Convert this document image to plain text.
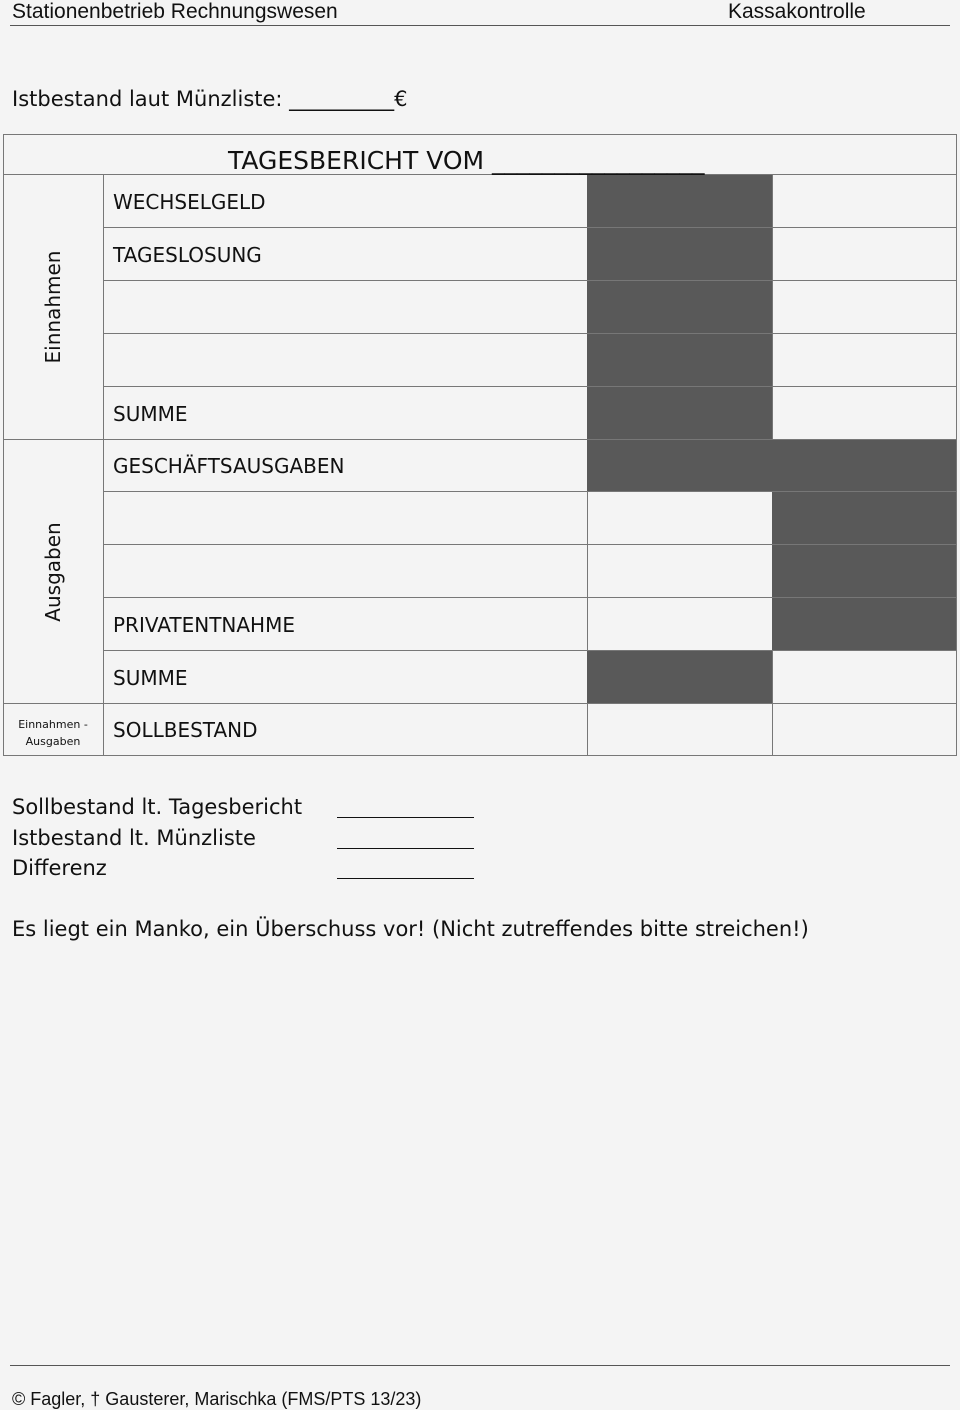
Stationenbetrieb Rechnungswesen	Kassakontrolle
Istbestand laut Münzliste: __________€
TAGESBERICHT VOM _________________
Einnahmen
Ausgaben
Einnahmen -
Ausgaben
WECHSELGELD
TAGESLOSUNG
SUMME
GESCHÄFTSAUSGABEN
PRIVATENTNAHME
SUMME
SOLLBESTAND
Sollbestand lt. Tagesbericht
Istbestand lt. Münzliste
Differenz
Es liegt ein Manko, ein Überschuss vor! (Nicht zutreffendes bitte streichen!)
© Fagler, † Gausterer, Marischka (FMS/PTS 13/23)
